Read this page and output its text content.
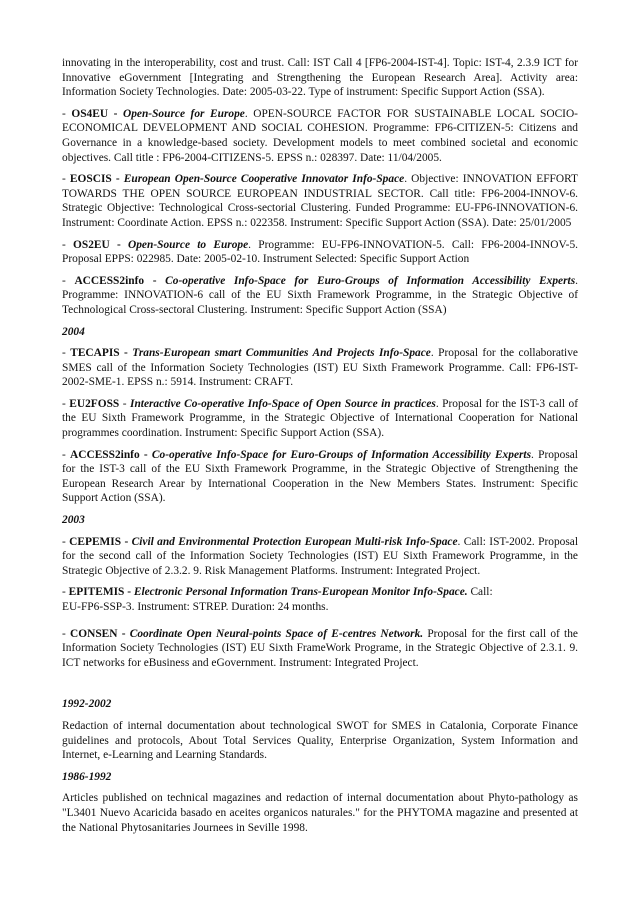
innovating in the interoperability, cost and trust. Call: IST Call 4 [FP6-2004-IST-4]. Topic: IST-4, 2.3.9 ICT for Innovative eGovernment [Integrating and Strengthening the European Research Area]. Activity area: Information Society Technologies. Date: 2005-03-22. Type of instrument: Specific Support Action (SSA).

- OS4EU - Open-Source for Europe. OPEN-SOURCE FACTOR FOR SUSTAINABLE LOCAL SOCIO-ECONOMICAL DEVELOPMENT AND SOCIAL COHESION. Programme: FP6-CITIZEN-5: Citizens and Governance in a knowledge-based society. Development models to meet combined societal and economic objectives. Call title : FP6-2004-CITIZENS-5. EPSS n.: 028397. Date: 11/04/2005.

- EOSCIS - European Open-Source Cooperative Innovator Info-Space. Objective: INNOVATION EFFORT TOWARDS THE OPEN SOURCE EUROPEAN INDUSTRIAL SECTOR. Call title: FP6-2004-INNOV-6. Strategic Objective: Technological Cross-sectorial Clustering. Funded Programme: EU-FP6-INNOVATION-6. Instrument: Coordinate Action. EPSS n.: 022358. Instrument: Specific Support Action (SSA). Date: 25/01/2005

- OS2EU - Open-Source to Europe. Programme: EU-FP6-INNOVATION-5. Call: FP6-2004-INNOV-5. Proposal EPPS: 022985. Date: 2005-02-10. Instrument Selected: Specific Support Action

- ACCESS2info - Co-operative Info-Space for Euro-Groups of Information Accessibility Experts. Programme: INNOVATION-6 call of the EU Sixth Framework Programme, in the Strategic Objective of Technological Cross-sectoral Clustering. Instrument: Specific Support Action (SSA)

2004

- TECAPIS - Trans-European smart Communities And Projects Info-Space. Proposal for the collaborative SMES call of the Information Society Technologies (IST) EU Sixth Framework Programme. Call: FP6-IST-2002-SME-1. EPSS n.: 5914. Instrument: CRAFT.

- EU2FOSS - Interactive Co-operative Info-Space of Open Source in practices. Proposal for the IST-3 call of the EU Sixth Framework Programme, in the Strategic Objective of International Cooperation for National programmes coordination. Instrument: Specific Support Action (SSA).

- ACCESS2info - Co-operative Info-Space for Euro-Groups of Information Accessibility Experts. Proposal for the IST-3 call of the EU Sixth Framework Programme, in the Strategic Objective of Strengthening the European Research Arear by International Cooperation in the New Members States. Instrument: Specific Support Action (SSA).

2003

- CEPEMIS - Civil and Environmental Protection European Multi-risk Info-Space. Call: IST-2002. Proposal for the second call of the Information Society Technologies (IST) EU Sixth Framework Programme, in the Strategic Objective of 2.3.2. 9. Risk Management Platforms. Instrument: Integrated Project.

- EPITEMIS - Electronic Personal Information Trans-European Monitor Info-Space. Call:
EU-FP6-SSP-3. Instrument: STREP. Duration: 24 months.

- CONSEN - Coordinate Open Neural-points Space of E-centres Network. Proposal for the first call of the Information Society Technologies (IST) EU Sixth FrameWork Programe, in the Strategic Objective of 2.3.1. 9. ICT networks for eBusiness and eGovernment. Instrument: Integrated Project.

1992-2002

Redaction of internal documentation about technological SWOT for SMES in Catalonia, Corporate Finance guidelines and protocols, About Total Services Quality, Enterprise Organization, System Information and Internet, e-Learning and Learning Standards.

1986-1992

Articles published on technical magazines and redaction of internal documentation about Phyto-pathology as "L3401 Nuevo Acaricida basado en aceites organicos naturales." for the PHYTOMA magazine and presented at the National Phytosanitaries Journees in Seville 1998.
